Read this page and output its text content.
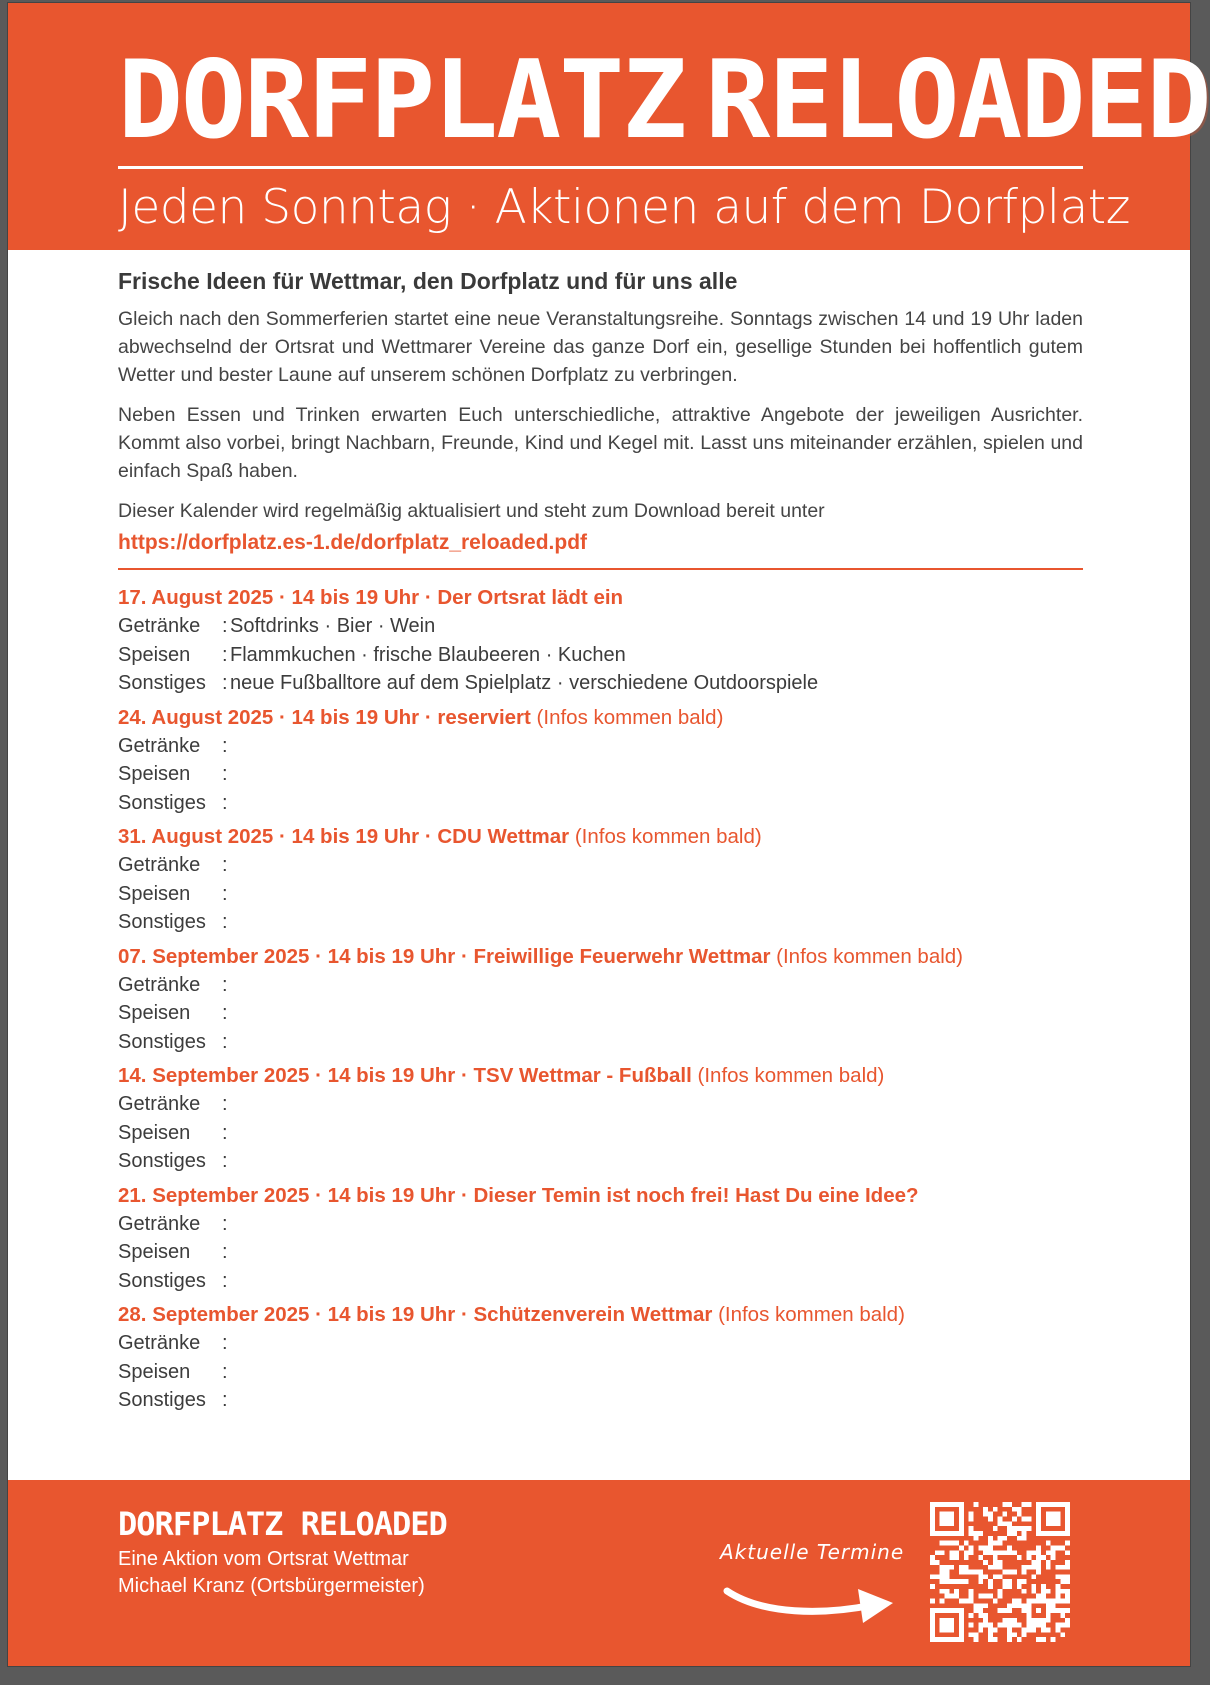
D O R F P L A T Z
R E L O A D E D
Jeden Sonntag · Aktionen auf dem Dorfplatz
Frische Ideen für Wettmar, den Dorfplatz und für uns alle

Gleich nach den Sommerferien startet eine neue Veranstaltungsreihe. Sonntags zwischen 14 und 19 Uhr laden abwechselnd der Ortsrat und Wettmarer Vereine das ganze Dorf ein, gesellige Stunden bei hoffentlich gutem Wetter und bester Laune auf unserem schönen Dorfplatz zu verbringen.

Neben Essen und Trinken erwarten Euch unterschiedliche, attraktive Angebote der jeweiligen Ausrichter. Kommt also vorbei, bringt Nachbarn, Freunde, Kind und Kegel mit. Lasst uns miteinander erzählen, spielen und einfach Spaß haben.

Dieser Kalender wird regelmäßig aktualisiert und steht zum Download bereit unter

https://dorfplatz.es-1.de/dorfplatz_reloaded.pdf
17. August 2025 · 14 bis 19 Uhr · Der Ortsrat lädt ein
Getränke	: Softdrinks · Bier · Wein
Speisen	: Flammkuchen · frische Blaubeeren · Kuchen
Sonstiges : neue Fußballtore auf dem Spielplatz · verschiedene Outdoorspiele
24. August 2025 · 14 bis 19 Uhr · reserviert (Infos kommen bald)
Getränke	:
Speisen	:
Sonstiges :
31. August 2025 · 14 bis 19 Uhr · CDU Wettmar (Infos kommen bald)
Getränke	:
Speisen	:
Sonstiges :
07. September 2025 · 14 bis 19 Uhr · Freiwillige Feuerwehr Wettmar (Infos kommen bald)
Getränke	:
Speisen	:
Sonstiges :
14. September 2025 · 14 bis 19 Uhr · TSV Wettmar - Fußball (Infos kommen bald)
Getränke	:
Speisen	:
Sonstiges :
21. September 2025 · 14 bis 19 Uhr · Dieser Temin ist noch frei! Hast Du eine Idee?
Getränke	:
Speisen	:
Sonstiges :
28. September 2025 · 14 bis 19 Uhr · Schützenverein Wettmar (Infos kommen bald)
Getränke	:
Speisen	:
Sonstiges :
DORFPLATZ RELOADED
Eine Aktion vom Ortsrat Wettmar
Michael Kranz (Ortsbürgermeister)
Aktuelle Termine
